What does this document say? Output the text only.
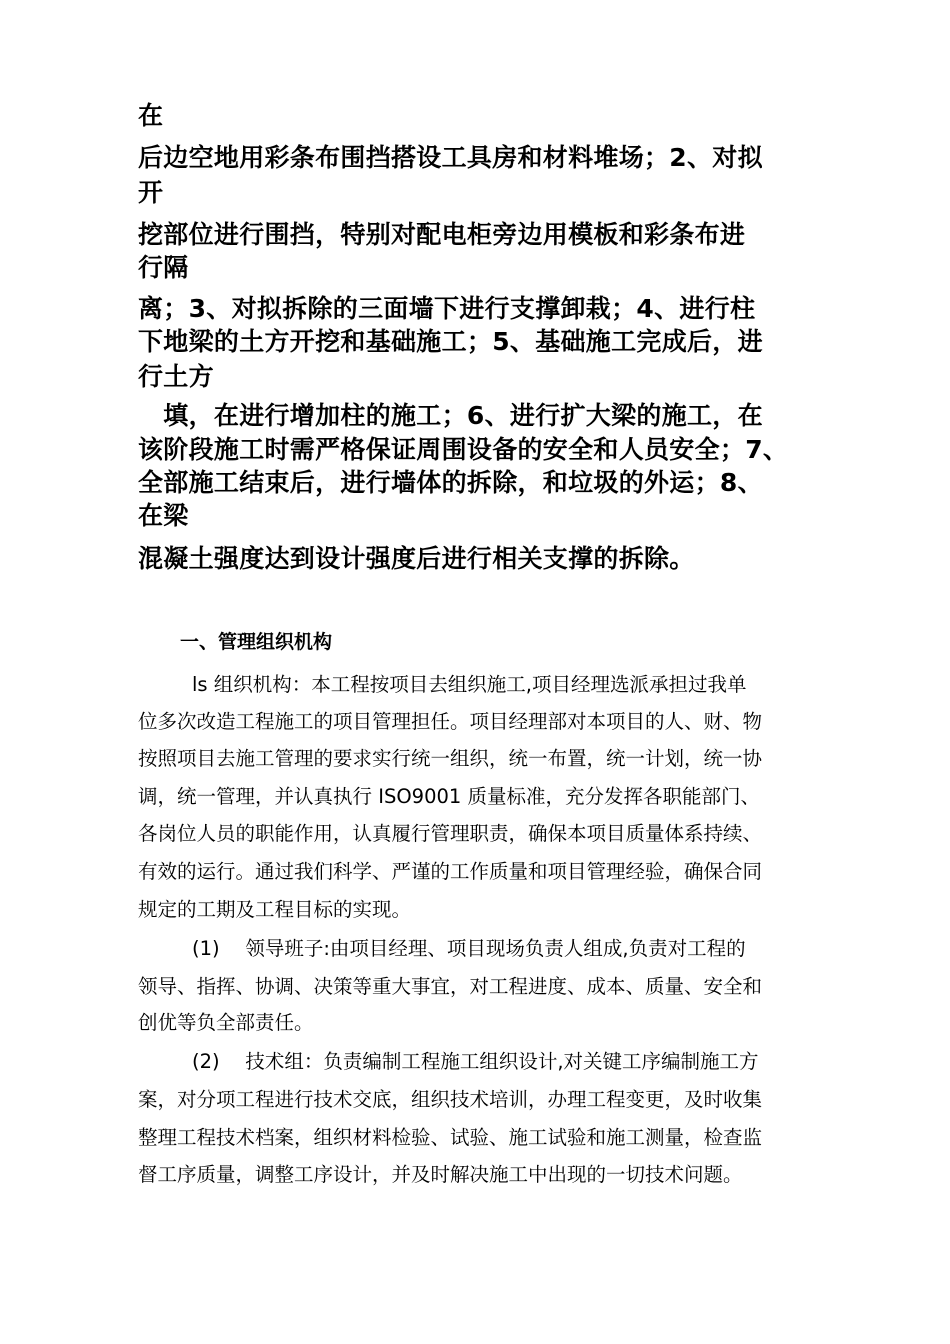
在
后边空地用彩条布围挡搭设工具房和材料堆场；2、对拟
开
挖部位进行围挡，特别对配电柜旁边用模板和彩条布进
行隔
离；3、对拟拆除的三面墙下进行支撑卸栽；4、进行柱
下地梁的土方开挖和基础施工；5、基础施工完成后，进
行土方
　填，在进行增加柱的施工；6、进行扩大梁的施工，在
该阶段施工时需严格保证周围设备的安全和人员安全；7、
全部施工结束后，进行墙体的拆除，和垃圾的外运；8、
在梁
混凝土强度达到设计强度后进行相关支撑的拆除。
一、管理组织机构
ls 组织机构：本工程按项目去组织施工,项目经理选派承担过我单
位多次改造工程施工的项目管理担任。项目经理部对本项目的人、财、物
按照项目去施工管理的要求实行统一组织，统一布置，统一计划，统一协
调，统一管理，并认真执行 ISO9001 质量标准，充分发挥各职能部门、
各岗位人员的职能作用，认真履行管理职责，确保本项目质量体系持续、
有效的运行。通过我们科学、严谨的工作质量和项目管理经验，确保合同
规定的工期及工程目标的实现。
(1)　 领导班子:由项目经理、项目现场负责人组成,负责对工程的
领导、指挥、协调、决策等重大事宜，对工程进度、成本、质量、安全和
创优等负全部责任。
(2)　 技术组：负责编制工程施工组织设计,对关键工序编制施工方
案，对分项工程进行技术交底，组织技术培训，办理工程变更，及时收集
整理工程技术档案，组织材料检验、试验、施工试验和施工测量，检查监
督工序质量，调整工序设计，并及时解决施工中出现的一切技术问题。
